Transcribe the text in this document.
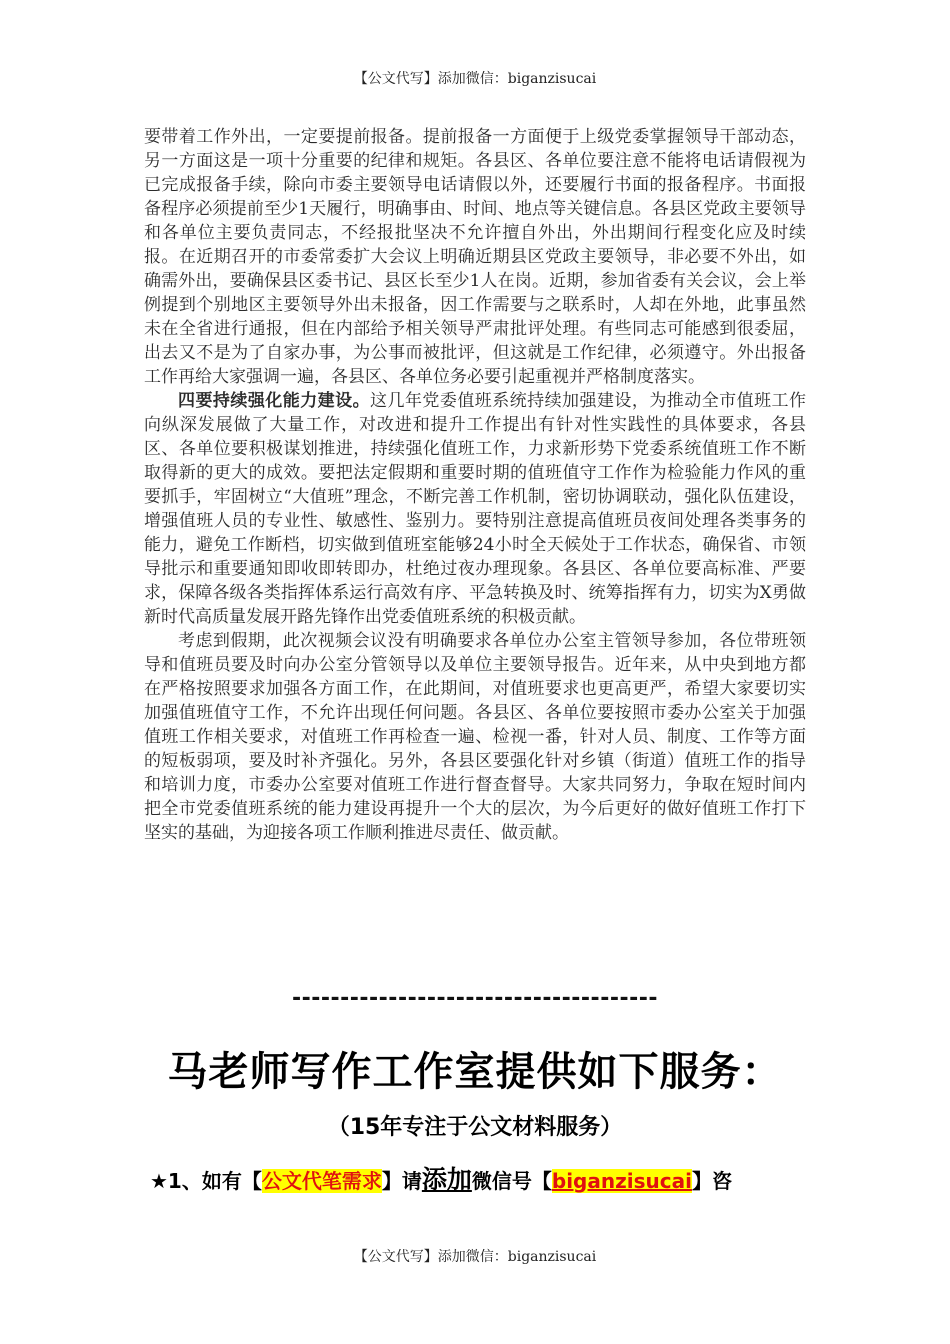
【公文代写】添加微信：biganzisucai

要带着工作外出，一定要提前报备。提前报备一方面便于上级党委掌握领导干部动态，另一方面这是一项十分重要的纪律和规矩。各县区、各单位要注意不能将电话请假视为已完成报备手续，除向市委主要领导电话请假以外，还要履行书面的报备程序。书面报备程序必须提前至少1天履行，明确事由、时间、地点等关键信息。各县区党政主要领导和各单位主要负责同志，不经报批坚决不允许擅自外出，外出期间行程变化应及时续报。在近期召开的市委常委扩大会议上明确近期县区党政主要领导，非必要不外出，如确需外出，要确保县区委书记、县区长至少1人在岗。近期，参加省委有关会议，会上举例提到个别地区主要领导外出未报备，因工作需要与之联系时，人却在外地，此事虽然未在全省进行通报，但在内部给予相关领导严肃批评处理。有些同志可能感到很委屈，出去又不是为了自家办事，为公事而被批评，但这就是工作纪律，必须遵守。外出报备工作再给大家强调一遍，各县区、各单位务必要引起重视并严格制度落实。

四要持续强化能力建设。这几年党委值班系统持续加强建设，为推动全市值班工作向纵深发展做了大量工作，对改进和提升工作提出有针对性实践性的具体要求，各县区、各单位要积极谋划推进，持续强化值班工作，力求新形势下党委系统值班工作不断取得新的更大的成效。要把法定假期和重要时期的值班值守工作作为检验能力作风的重要抓手，牢固树立“大值班”理念，不断完善工作机制，密切协调联动，强化队伍建设，增强值班人员的专业性、敏感性、鉴别力。要特别注意提高值班员夜间处理各类事务的能力，避免工作断档，切实做到值班室能够24小时全天候处于工作状态，确保省、市领导批示和重要通知即收即转即办，杜绝过夜办理现象。各县区、各单位要高标准、严要求，保障各级各类指挥体系运行高效有序、平急转换及时、统筹指挥有力，切实为X勇做新时代高质量发展开路先锋作出党委值班系统的积极贡献。

考虑到假期，此次视频会议没有明确要求各单位办公室主管领导参加，各位带班领导和值班员要及时向办公室分管领导以及单位主要领导报告。近年来，从中央到地方都在严格按照要求加强各方面工作，在此期间，对值班要求也更高更严，希望大家要切实加强值班值守工作，不允许出现任何问题。各县区、各单位要按照市委办公室关于加强值班工作相关要求，对值班工作再检查一遍、检视一番，针对人员、制度、工作等方面的短板弱项，要及时补齐强化。另外，各县区要强化针对乡镇（街道）值班工作的指导和培训力度，市委办公室要对值班工作进行督查督导。大家共同努力，争取在短时间内把全市党委值班系统的能力建设再提升一个大的层次，为今后更好的做好值班工作打下坚实的基础，为迎接各项工作顺利推进尽责任、做贡献。

--------------------------------------
马老师写作工作室提供如下服务：
（15年专注于公文材料服务）
★1、如有【公文代笔需求】请添加微信号【biganzisucai】咨
【公文代写】添加微信：biganzisucai
